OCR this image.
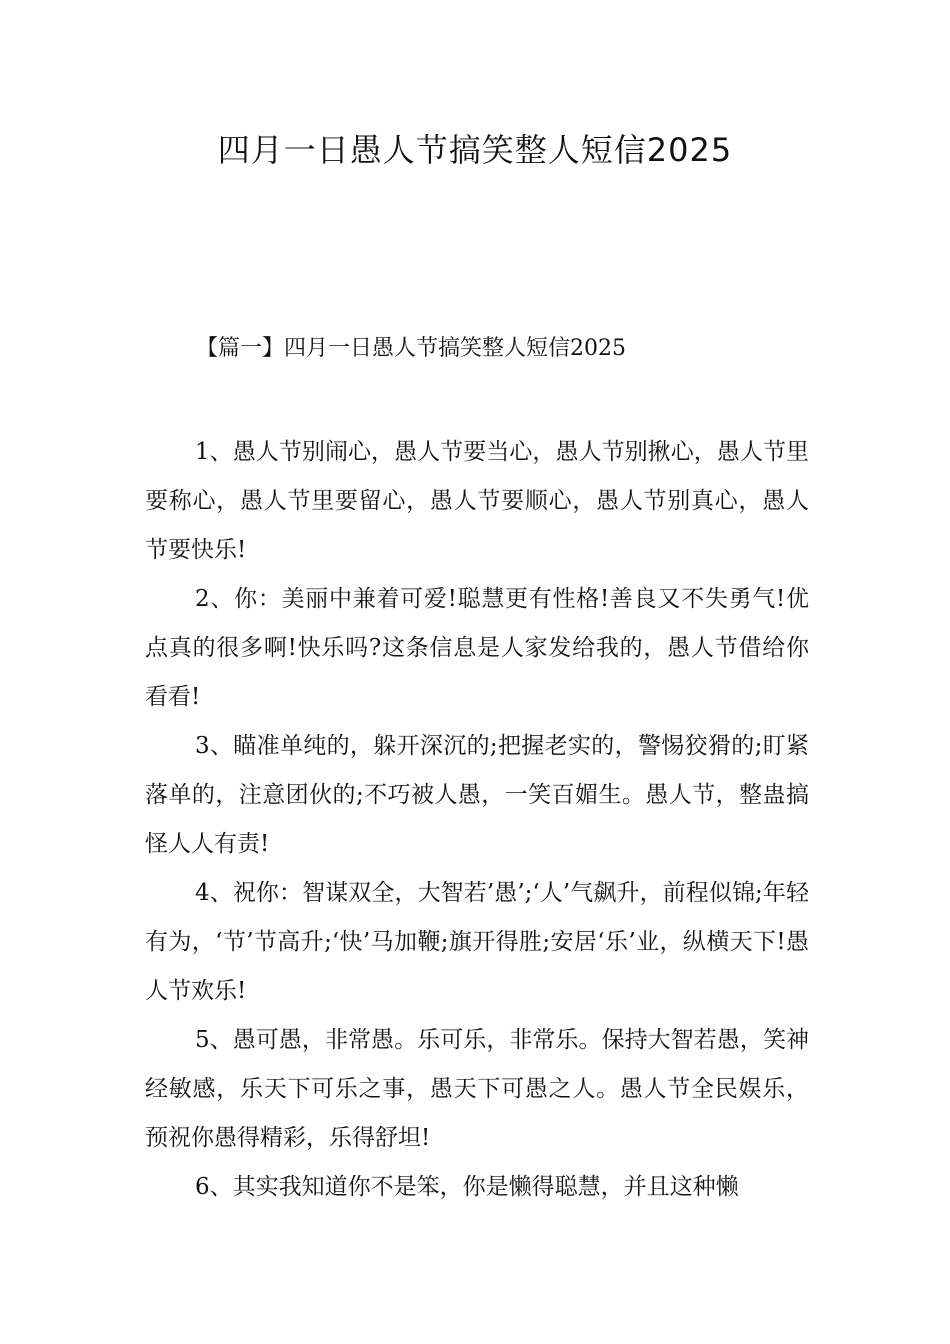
四月一日愚人节搞笑整人短信2025

【篇一】四月一日愚人节搞笑整人短信2025

1、愚人节别闹心，愚人节要当心，愚人节别揪心，愚人节里要称心，愚人节里要留心，愚人节要顺心，愚人节别真心，愚人节要快乐!

2、你：美丽中兼着可爱!聪慧更有性格!善良又不失勇气!优点真的很多啊!快乐吗?这条信息是人家发给我的，愚人节借给你看看!

3、瞄准单纯的，躲开深沉的;把握老实的，警惕狡猾的;盯紧落单的，注意团伙的;不巧被人愚，一笑百媚生。愚人节，整蛊搞怪人人有责!

4、祝你：智谋双全，大智若’愚’;‘人’气飙升，前程似锦;年轻有为，‘节’节高升;‘快’马加鞭;旗开得胜;安居‘乐’业，纵横天下!愚人节欢乐!

5、愚可愚，非常愚。乐可乐，非常乐。保持大智若愚，笑神经敏感，乐天下可乐之事，愚天下可愚之人。愚人节全民娱乐，预祝你愚得精彩，乐得舒坦!

6、其实我知道你不是笨，你是懒得聪慧，并且这种懒
